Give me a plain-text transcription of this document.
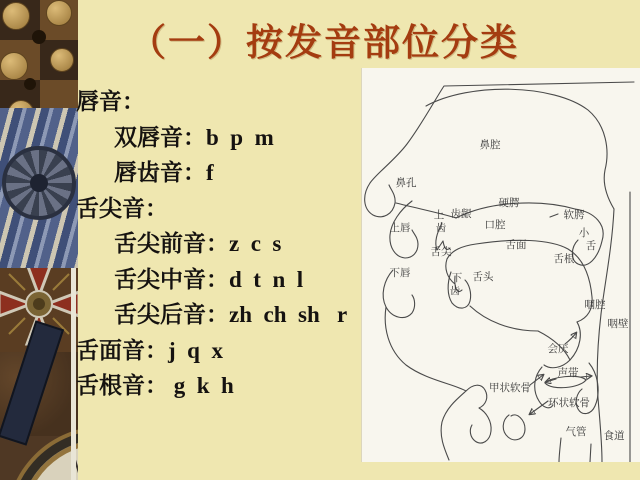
（一）按发音部位分类
唇音：
双唇音：b  p  m
唇齿音：f
舌尖音：
舌尖前音：z  c  s
舌尖中音：d  t  n  l
舌尖后音：zh  ch  sh   r
舌面音：j  q  x
舌根音： g  k  h
鼻腔
鼻孔
硬腭
上
齿
齿龈
口腔
上唇
舌尖
舌面
软腭
小
舌
舌根
下唇	下
齿
舌头
咽腔
咽壁
会厌
声带
甲状软骨
环状软骨
气管 食道
